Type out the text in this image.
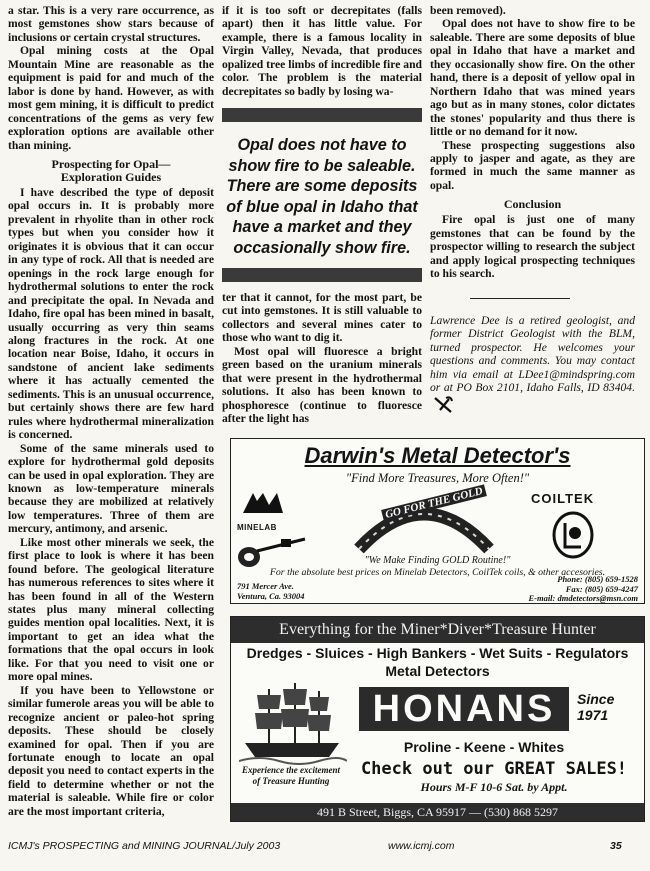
a star. This is a very rare occurrence, as most gemstones show stars because of inclusions or certain crystal structures.

Opal mining costs at the Opal Mountain Mine are reasonable as the equipment is paid for and much of the labor is done by hand. However, as with most gem mining, it is difficult to predict concentrations of the gems as very few exploration options are available other than mining.

Prospecting for Opal—
Exploration Guides

I have described the type of deposit opal occurs in. It is probably more prevalent in rhyolite than in other rock types but when you consider how it originates it is obvious that it can occur in any type of rock. All that is needed are openings in the rock large enough for hydrothermal solutions to enter the rock and precipitate the opal. In Nevada and Idaho, fire opal has been mined in basalt, usually occurring as very thin seams along fractures in the rock. At one location near Boise, Idaho, it occurs in sandstone of ancient lake sediments where it has actually cemented the sediments. This is an unusual occurrence, but certainly shows there are few hard rules where hydrothermal mineralization is concerned.

Some of the same minerals used to explore for hydrothermal gold deposits can be used in opal exploration. They are known as low-temperature minerals because they are mobilized at relatively low temperatures. Three of them are mercury, antimony, and arsenic.

Like most other minerals we seek, the first place to look is where it has been found before. The geological literature has numerous references to sites where it has been found in all of the Western states plus many mineral collecting guides mention opal localities. Next, it is important to get an idea what the formations that the opal occurs in look like. For that you need to visit one or more opal mines.

If you have been to Yellowstone or similar fumerole areas you will be able to recognize ancient or paleo-hot spring deposits. These should be closely examined for opal. Then if you are fortunate enough to locate an opal deposit you need to contact experts in the field to determine whether or not the material is saleable. While fire or color are the most important criteria,

if it is too soft or decrepitates (falls apart) then it has little value. For example, there is a famous locality in Virgin Valley, Nevada, that produces opalized tree limbs of incredible fire and color. The problem is the material decrepitates so badly by losing wa-

Opal does not have to
show fire to be saleable.
There are some deposits
of blue opal in Idaho that
have a market and they
occasionally show fire.

ter that it cannot, for the most part, be cut into gemstones. It is still valuable to collectors and several mines cater to those who want to dig it.

Most opal will fluoresce a bright green based on the uranium minerals that were present in the hydrothermal solutions. It also has been known to phosphoresce (continue to fluoresce after the light has

been removed).

Opal does not have to show fire to be saleable. There are some deposits of blue opal in Idaho that have a market and they occasionally show fire. On the other hand, there is a deposit of yellow opal in Northern Idaho that was mined years ago but as in many stones, color dictates the stones' popularity and thus there is little or no demand for it now.

These prospecting suggestions also apply to jasper and agate, as they are formed in much the same manner as opal.

Conclusion

Fire opal is just one of many gemstones that can be found by the prospector willing to research the subject and apply logical prospecting techniques to his search.

Lawrence Dee is a retired geologist, and former District Geologist with the BLM, turned prospector. He welcomes your questions and comments. You may contact him via email at LDee1@mindspring.com or at PO Box 2101, Idaho Falls, ID 83404.
Darwin's Metal Detector's
"Find More Treasures, More Often!"
MINELAB
GO FOR THE GOLD	COILTEK
"We Make Finding GOLD Routine!"
For the absolute best prices on Minelab Detectors, CoilTek coils, & other accesories.
791 Mercer Ave.
Ventura, Ca. 93004
Phone: (805) 659-1528
Fax: (805) 659-4247
E-mail: dmdetectors@msn.com
Everything for the Miner*Diver*Treasure Hunter
Dredges - Sluices - High Bankers - Wet Suits - Regulators
Metal Detectors
HONANS	Since
1971
Proline - Keene - Whites
Check out our GREAT SALES!
Hours M-F 10-6 Sat. by Appt.
Experience the excitement
of Treasure Hunting
491 B Street, Biggs, CA 95917 — (530) 868 5297
ICMJ's PROSPECTING and MINING JOURNAL/July 2003	www.icmj.com	35
